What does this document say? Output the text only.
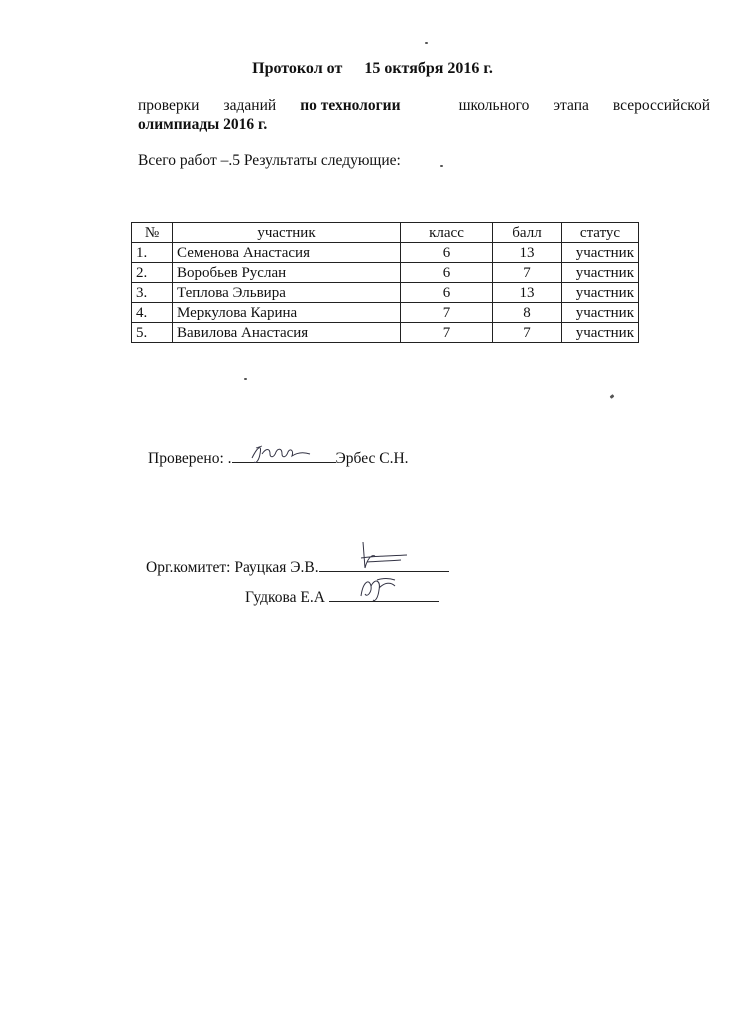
Протокол от 15 октября 2016 г.
проверки заданий по технологии	школьного этапа всероссийской
олимпиады 2016 г.
Всего работ –.5 Результаты следующие:
№	участник	класс	балл	статус
1.	Семенова Анастасия	6	13	участник
2.	Воробьев Руслан	6	7	участник
3.	Теплова Эльвира	6	13	участник
4.	Меркулова Карина	7	8	участник
5.	Вавилова Анастасия	7	7	участник
Проверено: .	Эрбес С.Н.
Орг.комитет: Рауцкая Э.В.
Гудкова Е.А
